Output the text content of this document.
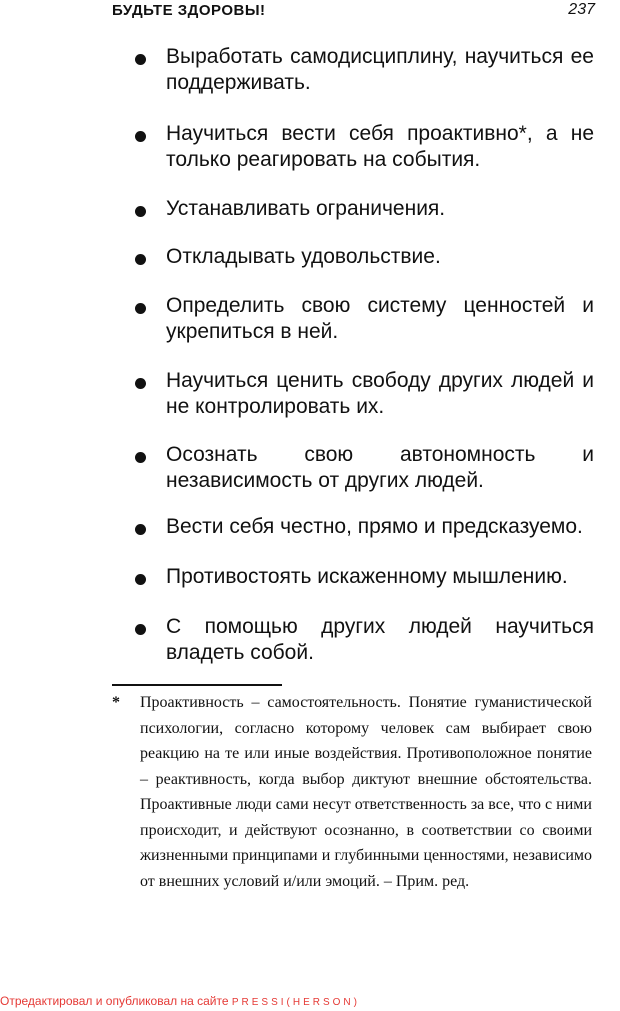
БУДЬТЕ ЗДОРОВЫ!	237
Выработать самодисциплину, научиться ее поддерживать.
Научиться вести себя проактивно*, а не только реагировать на события.
Устанавливать ограничения.
Откладывать удовольствие.
Определить свою систему ценностей и укрепиться в ней.
Научиться ценить свободу других людей и не контролировать их.
Осознать свою автономность и независимость от других людей.
Вести себя честно, прямо и предсказуемо.
Противостоять искаженному мышлению.
С помощью других людей научиться владеть собой.
* Проактивность – самостоятельность. Понятие гуманистической психологии, согласно которому человек сам выбирает свою реакцию на те или иные воздействия. Противоположное понятие – реактивность, когда выбор диктуют внешние обстоятельства. Проактивные люди сами несут ответственность за все, что с ними происходит, и действуют осознанно, в соответствии со своими жизненными принципами и глубинными ценностями, независимо от внешних условий и/или эмоций. – Прим. ред.
Отредактировал и опубликовал на сайте PRESSI(HERSON)
